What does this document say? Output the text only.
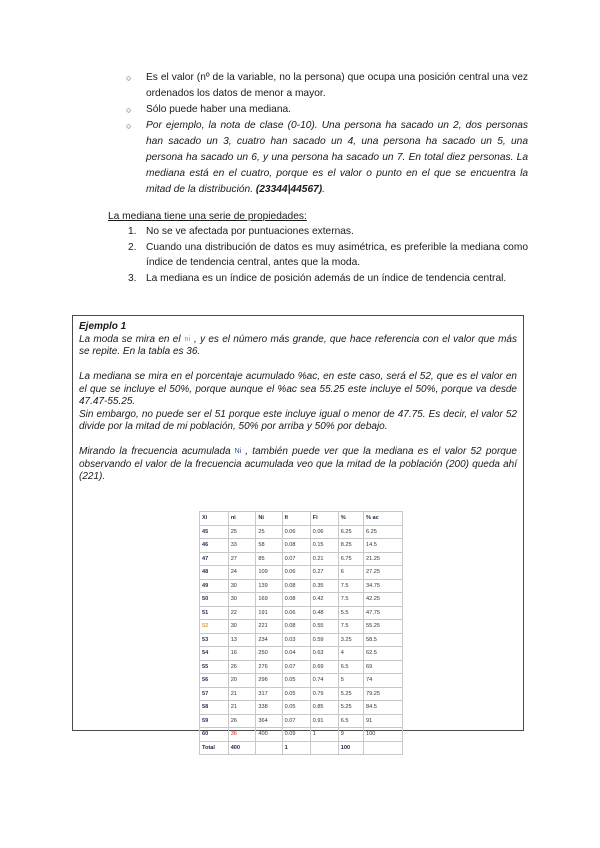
○ Es el valor (nº de la variable, no la persona) que ocupa una posición central una vez ordenados los datos de menor a mayor.
○ Sólo puede haber una mediana.
○ Por ejemplo, la nota de clase (0-10). Una persona ha sacado un 2, dos personas han sacado un 3, cuatro han sacado un 4, una persona ha sacado un 5, una persona ha sacado un 6, y una persona ha sacado un 7. En total diez personas. La mediana está en el cuatro, porque es el valor o punto en el que se encuentra la mitad de la distribución. (23344|44567).
La mediana tiene una serie de propiedades:
1. No se ve afectada por puntuaciones externas.
2. Cuando una distribución de datos es muy asimétrica, es preferible la mediana como índice de tendencia central, antes que la moda.
3. La mediana es un índice de posición además de un índice de tendencia central.
Ejemplo 1

La moda se mira en el ni , y es el número más grande, que hace referencia con el valor que más se repite. En la tabla es 36.

La mediana se mira en el porcentaje acumulado %ac, en este caso, será el 52, que es el valor en el que se incluye el 50%, porque aunque el %ac sea 55.25 este incluye el 50%, porque va desde 47.47-55.25.

Sin embargo, no puede ser el 51 porque este incluye igual o menor de 47.75. Es decir, el valor 52 divide por la mitad de mi población, 50% por arriba y 50% por debajo.

Mirando la frecuencia acumulada Ni , también puede ver que la mediana es el valor 52 porque observando el valor de la frecuencia acumulada veo que la mitad de la población (200) queda ahí (221).

Xi	ni	Ni	fi	Fi	%	% ac
45	25	25	0.06	0.06	6.25	6.25
46	33	58	0.08	0.15	8.25	14.5
47	27	85	0.07	0.21	6.75	21.25
48	24	109	0.06	0.27	6	27.25
49	30	139	0.08	0.35	7.5	34.75
50	30	169	0.08	0.42	7.5	42.25
51	22	191	0.06	0.48	5.5	47.75
52	30	221	0.08	0.55	7.5	55.25
53	13	234	0.03	0.59	3.25	58.5
54	16	250	0.04	0.63	4	62.5
55	26	276	0.07	0.69	6.5	69
56	20	296	0.05	0.74	5	74
57	21	317	0.05	0.79	5.25	79.25
58	21	338	0.05	0.85	5.25	84.5
59	26	364	0.07	0.91	6.5	91
60	36	400	0.09	1	9	100
Total	400		1		100	
